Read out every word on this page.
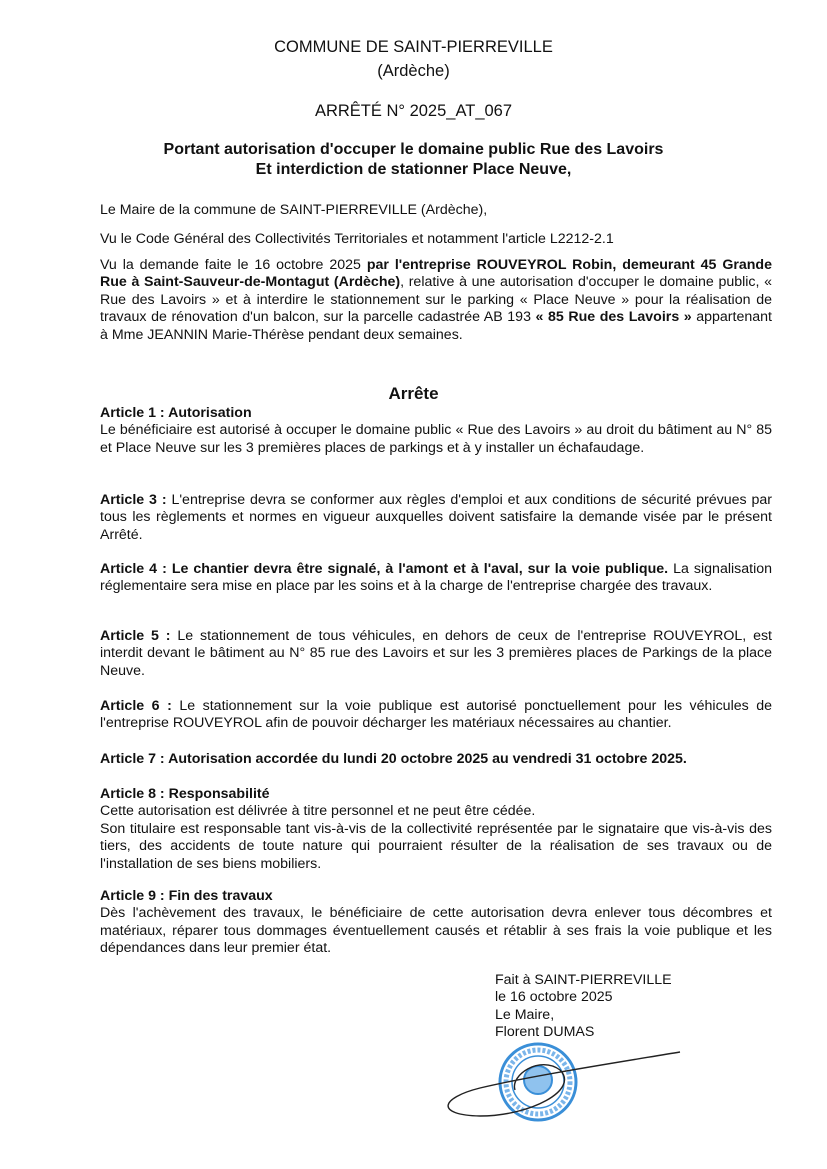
COMMUNE DE SAINT-PIERREVILLE
(Ardèche)
ARRÊTÉ N° 2025_AT_067
Portant autorisation d'occuper le domaine public Rue des Lavoirs
Et interdiction de stationner Place Neuve,
Le Maire de la commune de SAINT-PIERREVILLE (Ardèche),
Vu le Code Général des Collectivités Territoriales et notamment l'article L2212-2.1
Vu la demande faite le 16 octobre 2025 par l'entreprise ROUVEYROL Robin, demeurant 45 Grande Rue à Saint-Sauveur-de-Montagut (Ardèche), relative à une autorisation d'occuper le domaine public, « Rue des Lavoirs » et à interdire le stationnement sur le parking « Place Neuve » pour la réalisation de travaux de rénovation d'un balcon, sur la parcelle cadastrée AB 193 « 85 Rue des Lavoirs » appartenant à Mme JEANNIN Marie-Thérèse pendant deux semaines.
Arrête
Article 1 : Autorisation
Le bénéficiaire est autorisé à occuper le domaine public « Rue des Lavoirs » au droit du bâtiment au N° 85 et Place Neuve sur les 3 premières places de parkings et à y installer un échafaudage.
Article 3 : L'entreprise devra se conformer aux règles d'emploi et aux conditions de sécurité prévues par tous les règlements et normes en vigueur auxquelles doivent satisfaire la demande visée par le présent Arrêté.
Article 4 : Le chantier devra être signalé, à l'amont et à l'aval, sur la voie publique. La signalisation réglementaire sera mise en place par les soins et à la charge de l'entreprise chargée des travaux.
Article 5 : Le stationnement de tous véhicules, en dehors de ceux de l'entreprise ROUVEYROL, est interdit devant le bâtiment au N° 85 rue des Lavoirs et sur les 3 premières places de Parkings de la place Neuve.
Article 6 : Le stationnement sur la voie publique est autorisé ponctuellement pour les véhicules de l'entreprise ROUVEYROL afin de pouvoir décharger les matériaux nécessaires au chantier.
Article 7 : Autorisation accordée du lundi 20 octobre 2025 au vendredi 31 octobre 2025.
Article 8 : Responsabilité
Cette autorisation est délivrée à titre personnel et ne peut être cédée.
Son titulaire est responsable tant vis-à-vis de la collectivité représentée par le signataire que vis-à-vis des tiers, des accidents de toute nature qui pourraient résulter de la réalisation de ses travaux ou de l'installation de ses biens mobiliers.
Article 9 : Fin des travaux
Dès l'achèvement des travaux, le bénéficiaire de cette autorisation devra enlever tous décombres et matériaux, réparer tous dommages éventuellement causés et rétablir à ses frais la voie publique et les dépendances dans leur premier état.
Fait à SAINT-PIERREVILLE
le 16 octobre 2025
Le Maire,
Florent DUMAS
